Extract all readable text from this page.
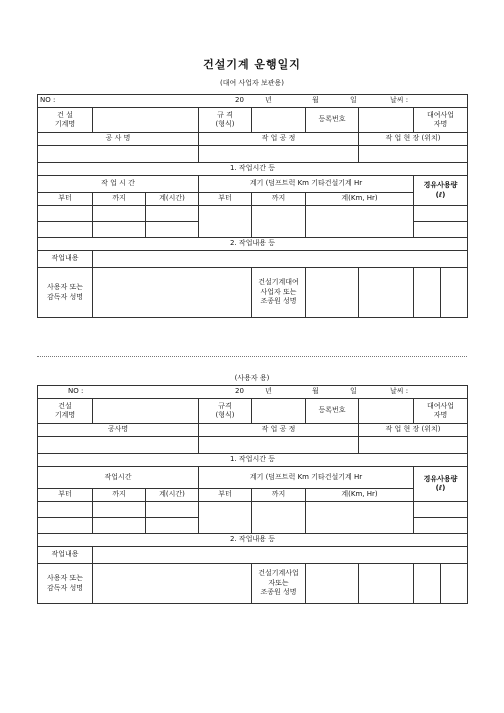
건설기계 운행일지
(대여 사업자 보관용)
NO : 20 년 월 일 날씨 :								
건 설
기계명			규 격
(형식)		등록번호		대여사업
자명	
공 사 명			작 업 공 정			작 업 현 장 (위치)		

1. 작업시간 등								
작 업 시 간			계기 (덤프트럭 Km 기타건설기계 Hr				경유사용량
(ℓ)	
부터	까지	계(시간)	부터	까지	계(Km, Hr)			

2. 작업내용 등								
작업내용								
사용자 또는
감독자 성명				건설기계대여
사업자 또는
조종원 성명				
(사용자 용)
NO : 20 년 월 일 날씨 :								
건설
기계명			규격
(형식)		등록번호		대여사업
자명	
공사명			작 업 공 정			작 업 현 장 (위치)		

1. 작업시간 등								
작업시간			계기 (덤프트럭 Km 기타건설기계 Hr				경유사용량
(ℓ)	
부터	까지	계(시간)	부터	까지	계(Km, Hr)			

2. 작업내용 등								
작업내용								
사용자 또는
감독자 성명				건설기계사업
자또는
조종원 성명				
